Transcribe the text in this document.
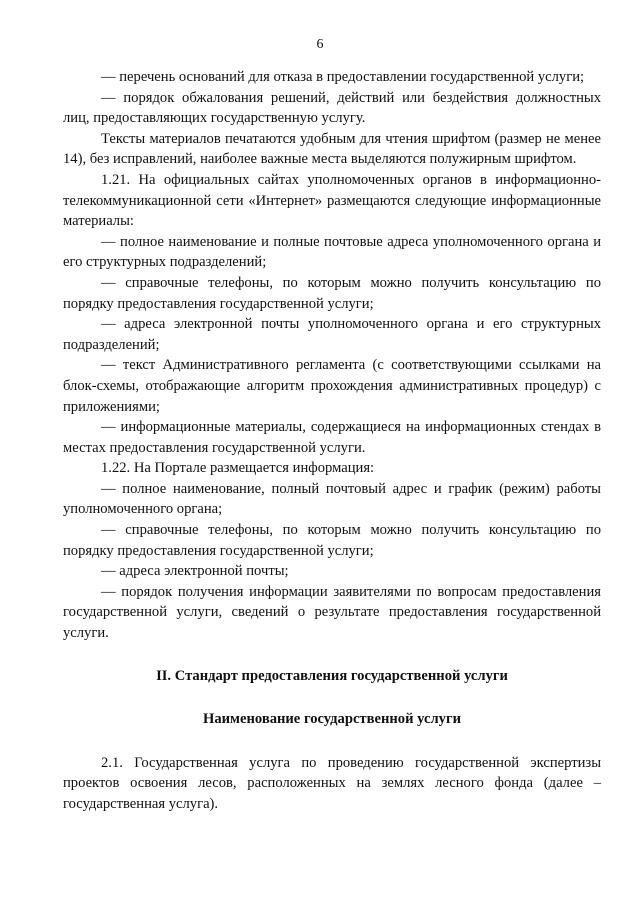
6

— перечень оснований для отказа в предоставлении государственной услуги;

— порядок обжалования решений, действий или бездействия должностных лиц, предоставляющих государственную услугу.

Тексты материалов печатаются удобным для чтения шрифтом (размер не менее 14), без исправлений, наиболее важные места выделяются полужирным шрифтом.

1.21. На официальных сайтах уполномоченных органов в информационно-телекоммуникационной сети «Интернет» размещаются следующие информационные материалы:

— полное наименование и полные почтовые адреса уполномоченного органа и его структурных подразделений;

— справочные телефоны, по которым можно получить консультацию по порядку предоставления государственной услуги;

— адреса электронной почты уполномоченного органа и его структурных подразделений;

— текст Административного регламента (с соответствующими ссылками на блок-схемы, отображающие алгоритм прохождения административных процедур) с приложениями;

— информационные материалы, содержащиеся на информационных стендах в местах предоставления государственной услуги.

1.22. На Портале размещается информация:

— полное наименование, полный почтовый адрес и график (режим) работы уполномоченного органа;

— справочные телефоны, по которым можно получить консультацию по порядку предоставления государственной услуги;

— адреса электронной почты;

— порядок получения информации заявителями по вопросам предоставления государственной услуги, сведений о результате предоставления государственной услуги.

II. Стандарт предоставления государственной услуги

Наименование государственной услуги

2.1. Государственная услуга по проведению государственной экспертизы проектов освоения лесов, расположенных на землях лесного фонда (далее – государственная услуга).
